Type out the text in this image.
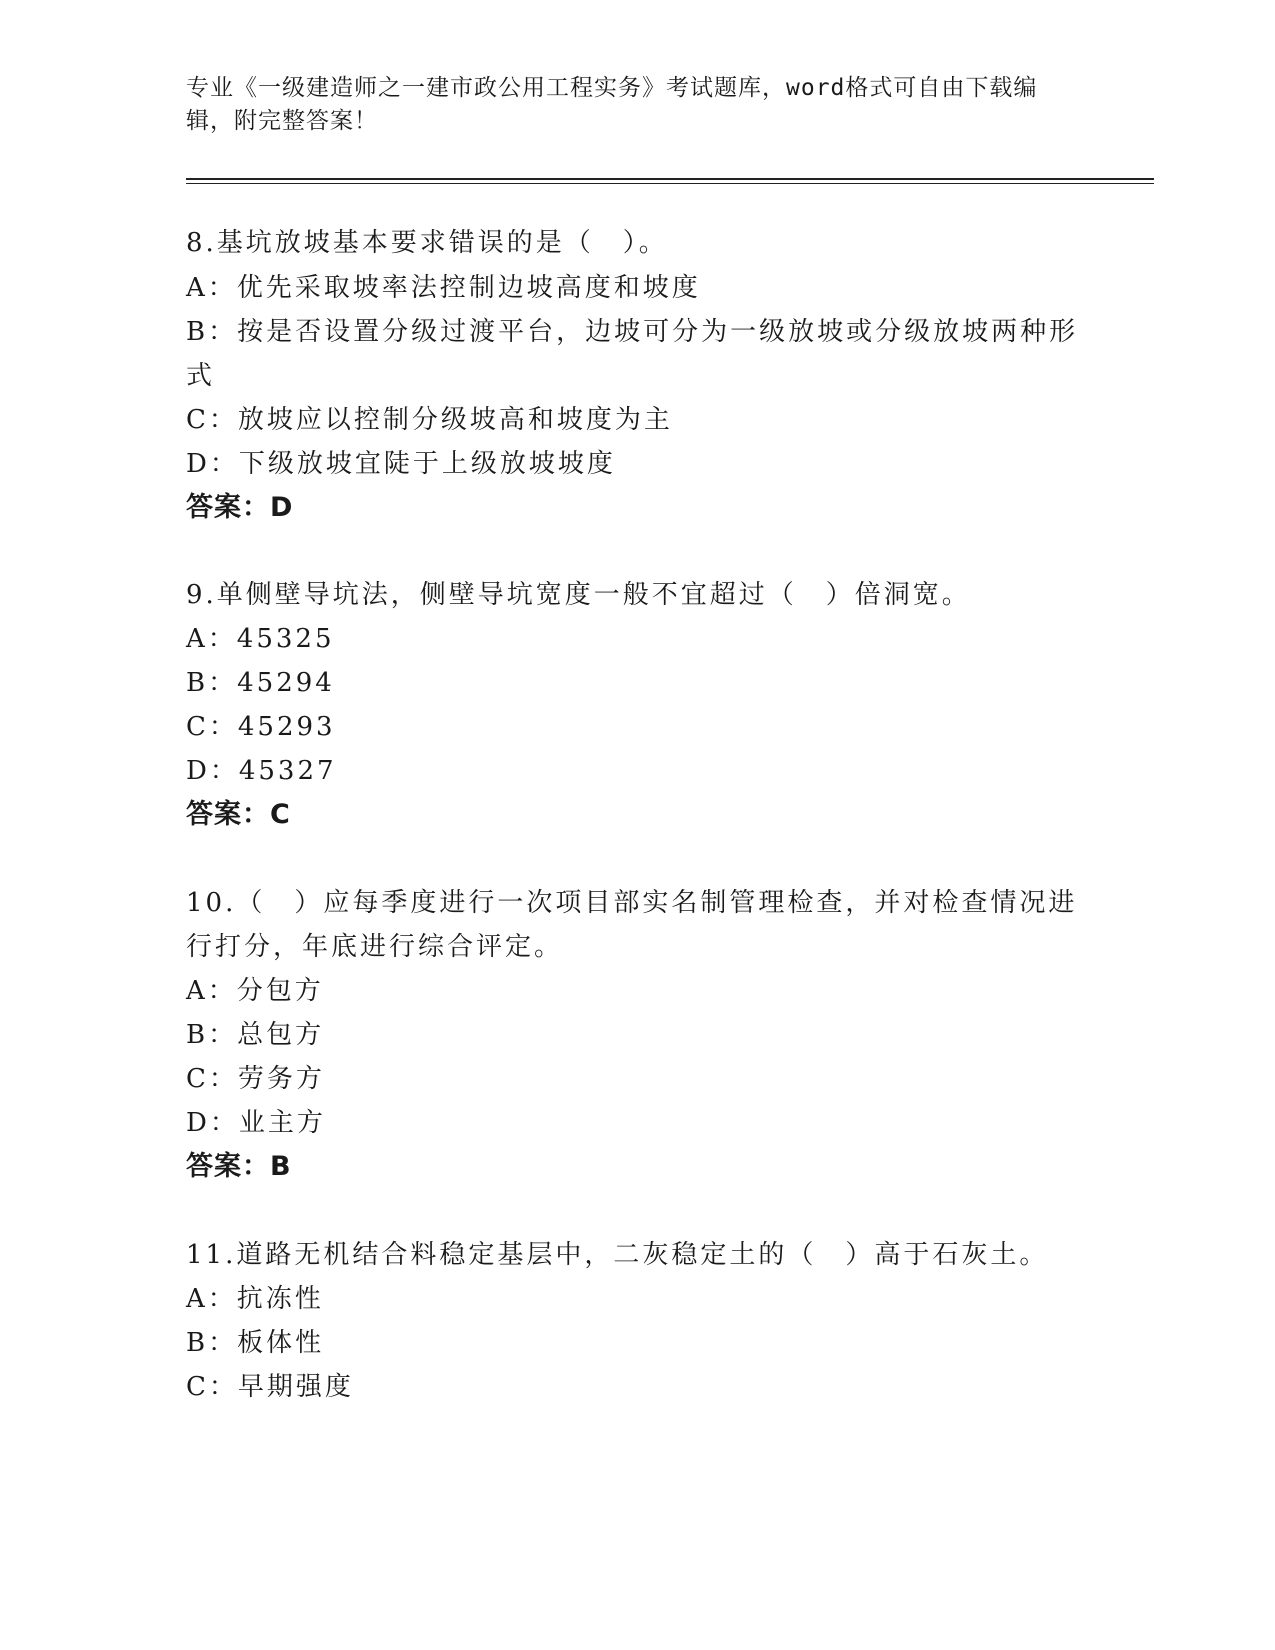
专业《一级建造师之一建市政公用工程实务》考试题库，word格式可自由下载编
辑，附完整答案！
8.基坑放坡基本要求错误的是（　）。
A：优先采取坡率法控制边坡高度和坡度
B：按是否设置分级过渡平台，边坡可分为一级放坡或分级放坡两种形
式
C：放坡应以控制分级坡高和坡度为主
D：下级放坡宜陡于上级放坡坡度
答案：D
9.单侧壁导坑法，侧壁导坑宽度一般不宜超过（　）倍洞宽。
A：45325
B：45294
C：45293
D：45327
答案：C
10.（　）应每季度进行一次项目部实名制管理检查，并对检查情况进
行打分，年底进行综合评定。
A：分包方
B：总包方
C：劳务方
D：业主方
答案：B
11.道路无机结合料稳定基层中，二灰稳定土的（　）高于石灰土。
A：抗冻性
B：板体性
C：早期强度
